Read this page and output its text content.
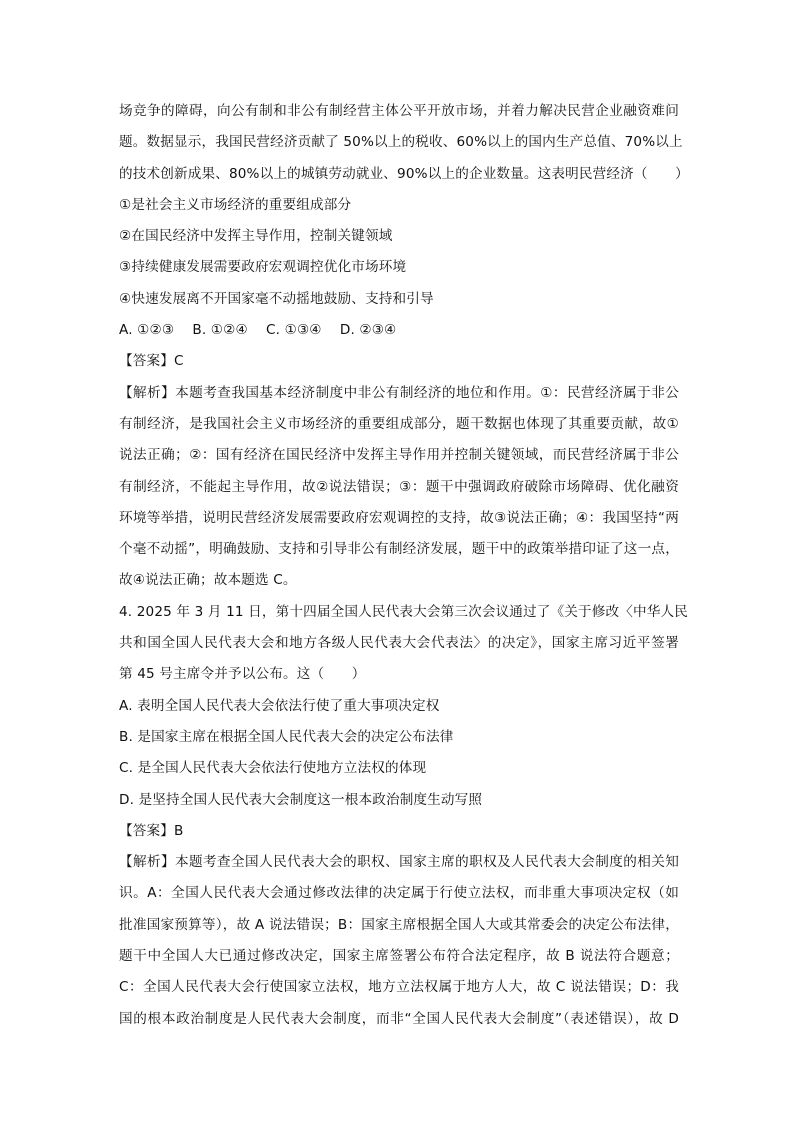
场竞争的障碍，向公有制和非公有制经营主体公平开放市场，并着力解决民营企业融资难问
题。数据显示，我国民营经济贡献了 50%以上的税收、60%以上的国内生产总值、70%以上
的技术创新成果、80%以上的城镇劳动就业、90%以上的企业数量。这表明民营经济（　　）
①是社会主义市场经济的重要组成部分
②在国民经济中发挥主导作用，控制关键领域
③持续健康发展需要政府宏观调控优化市场环境
④快速发展离不开国家毫不动摇地鼓励、支持和引导
A. ①②③　 B. ①②④　 C. ①③④　 D. ②③④
【答案】C
【解析】本题考查我国基本经济制度中非公有制经济的地位和作用。①：民营经济属于非公
有制经济，是我国社会主义市场经济的重要组成部分，题干数据也体现了其重要贡献，故①
说法正确；②：国有经济在国民经济中发挥主导作用并控制关键领域，而民营经济属于非公
有制经济，不能起主导作用，故②说法错误；③：题干中强调政府破除市场障碍、优化融资
环境等举措，说明民营经济发展需要政府宏观调控的支持，故③说法正确；④：我国坚持“两
个毫不动摇”，明确鼓励、支持和引导非公有制经济发展，题干中的政策举措印证了这一点，
故④说法正确；故本题选 C。
4. 2025 年 3 月 11 日，第十四届全国人民代表大会第三次会议通过了《关于修改〈中华人民
共和国全国人民代表大会和地方各级人民代表大会代表法〉的决定》，国家主席习近平签署
第 45 号主席令并予以公布。这（　　）
A. 表明全国人民代表大会依法行使了重大事项决定权
B. 是国家主席在根据全国人民代表大会的决定公布法律
C. 是全国人民代表大会依法行使地方立法权的体现
D. 是坚持全国人民代表大会制度这一根本政治制度生动写照
【答案】B
【解析】本题考查全国人民代表大会的职权、国家主席的职权及人民代表大会制度的相关知
识。A：全国人民代表大会通过修改法律的决定属于行使立法权，而非重大事项决定权（如
批准国家预算等），故 A 说法错误；B：国家主席根据全国人大或其常委会的决定公布法律，
题干中全国人大已通过修改决定，国家主席签署公布符合法定程序，故 B 说法符合题意；
C：全国人民代表大会行使国家立法权，地方立法权属于地方人大，故 C 说法错误；D：我
国的根本政治制度是人民代表大会制度，而非“全国人民代表大会制度”（表述错误），故 D
